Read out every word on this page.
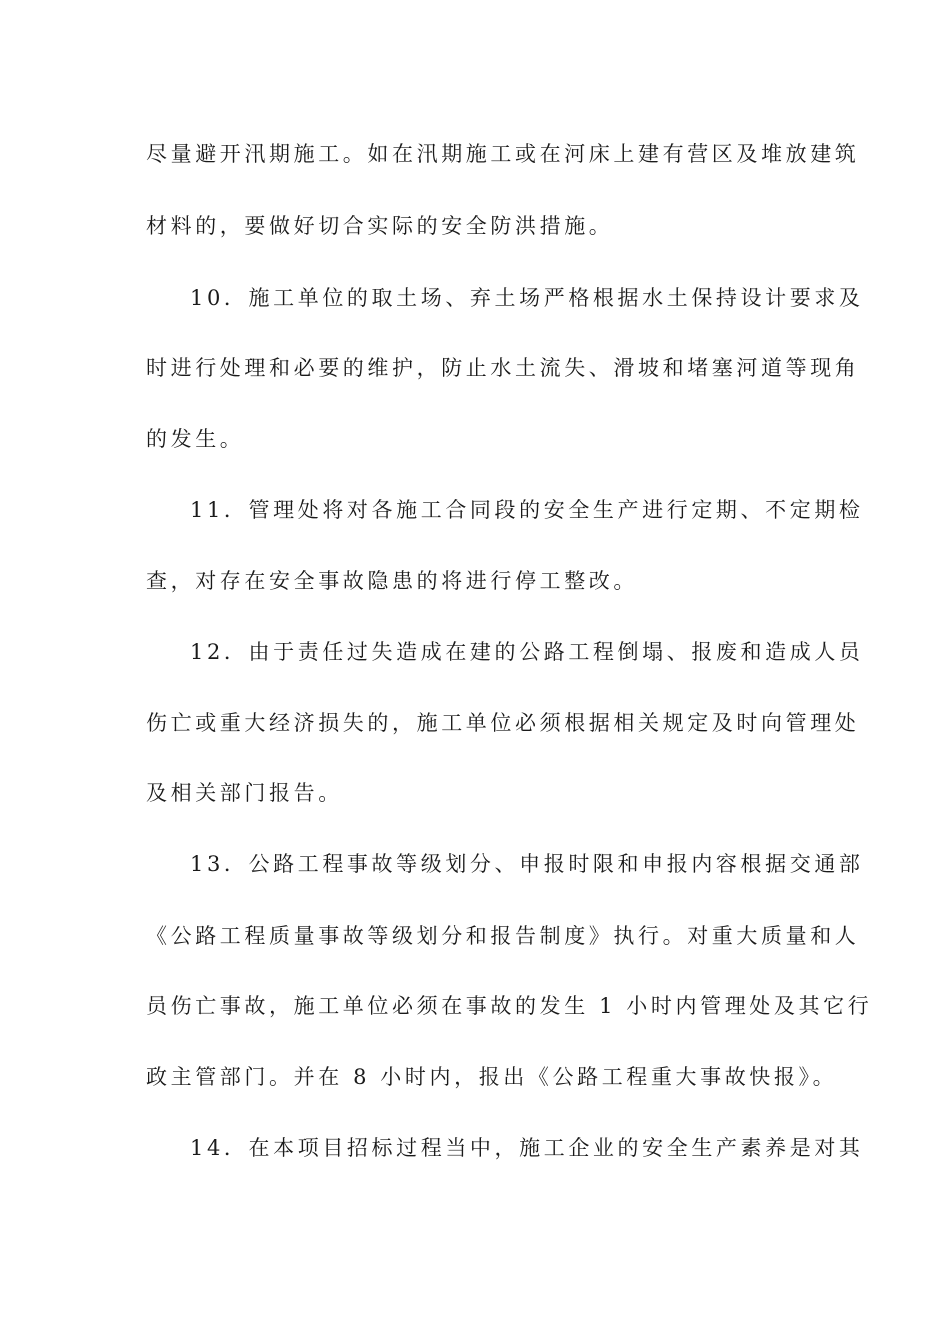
尽量避开汛期施工。如在汛期施工或在河床上建有营区及堆放建筑
材料的，要做好切合实际的安全防洪措施。
10．施工单位的取土场、弃土场严格根据水土保持设计要求及
时进行处理和必要的维护，防止水土流失、滑坡和堵塞河道等现角
的发生。
11．管理处将对各施工合同段的安全生产进行定期、不定期检
查，对存在安全事故隐患的将进行停工整改。
12．由于责任过失造成在建的公路工程倒塌、报废和造成人员
伤亡或重大经济损失的，施工单位必须根据相关规定及时向管理处
及相关部门报告。
13．公路工程事故等级划分、申报时限和申报内容根据交通部
《公路工程质量事故等级划分和报告制度》执行。对重大质量和人
员伤亡事故，施工单位必须在事故的发生 1 小时内管理处及其它行
政主管部门。并在 8 小时内，报出《公路工程重大事故快报》。
14．在本项目招标过程当中，施工企业的安全生产素养是对其
